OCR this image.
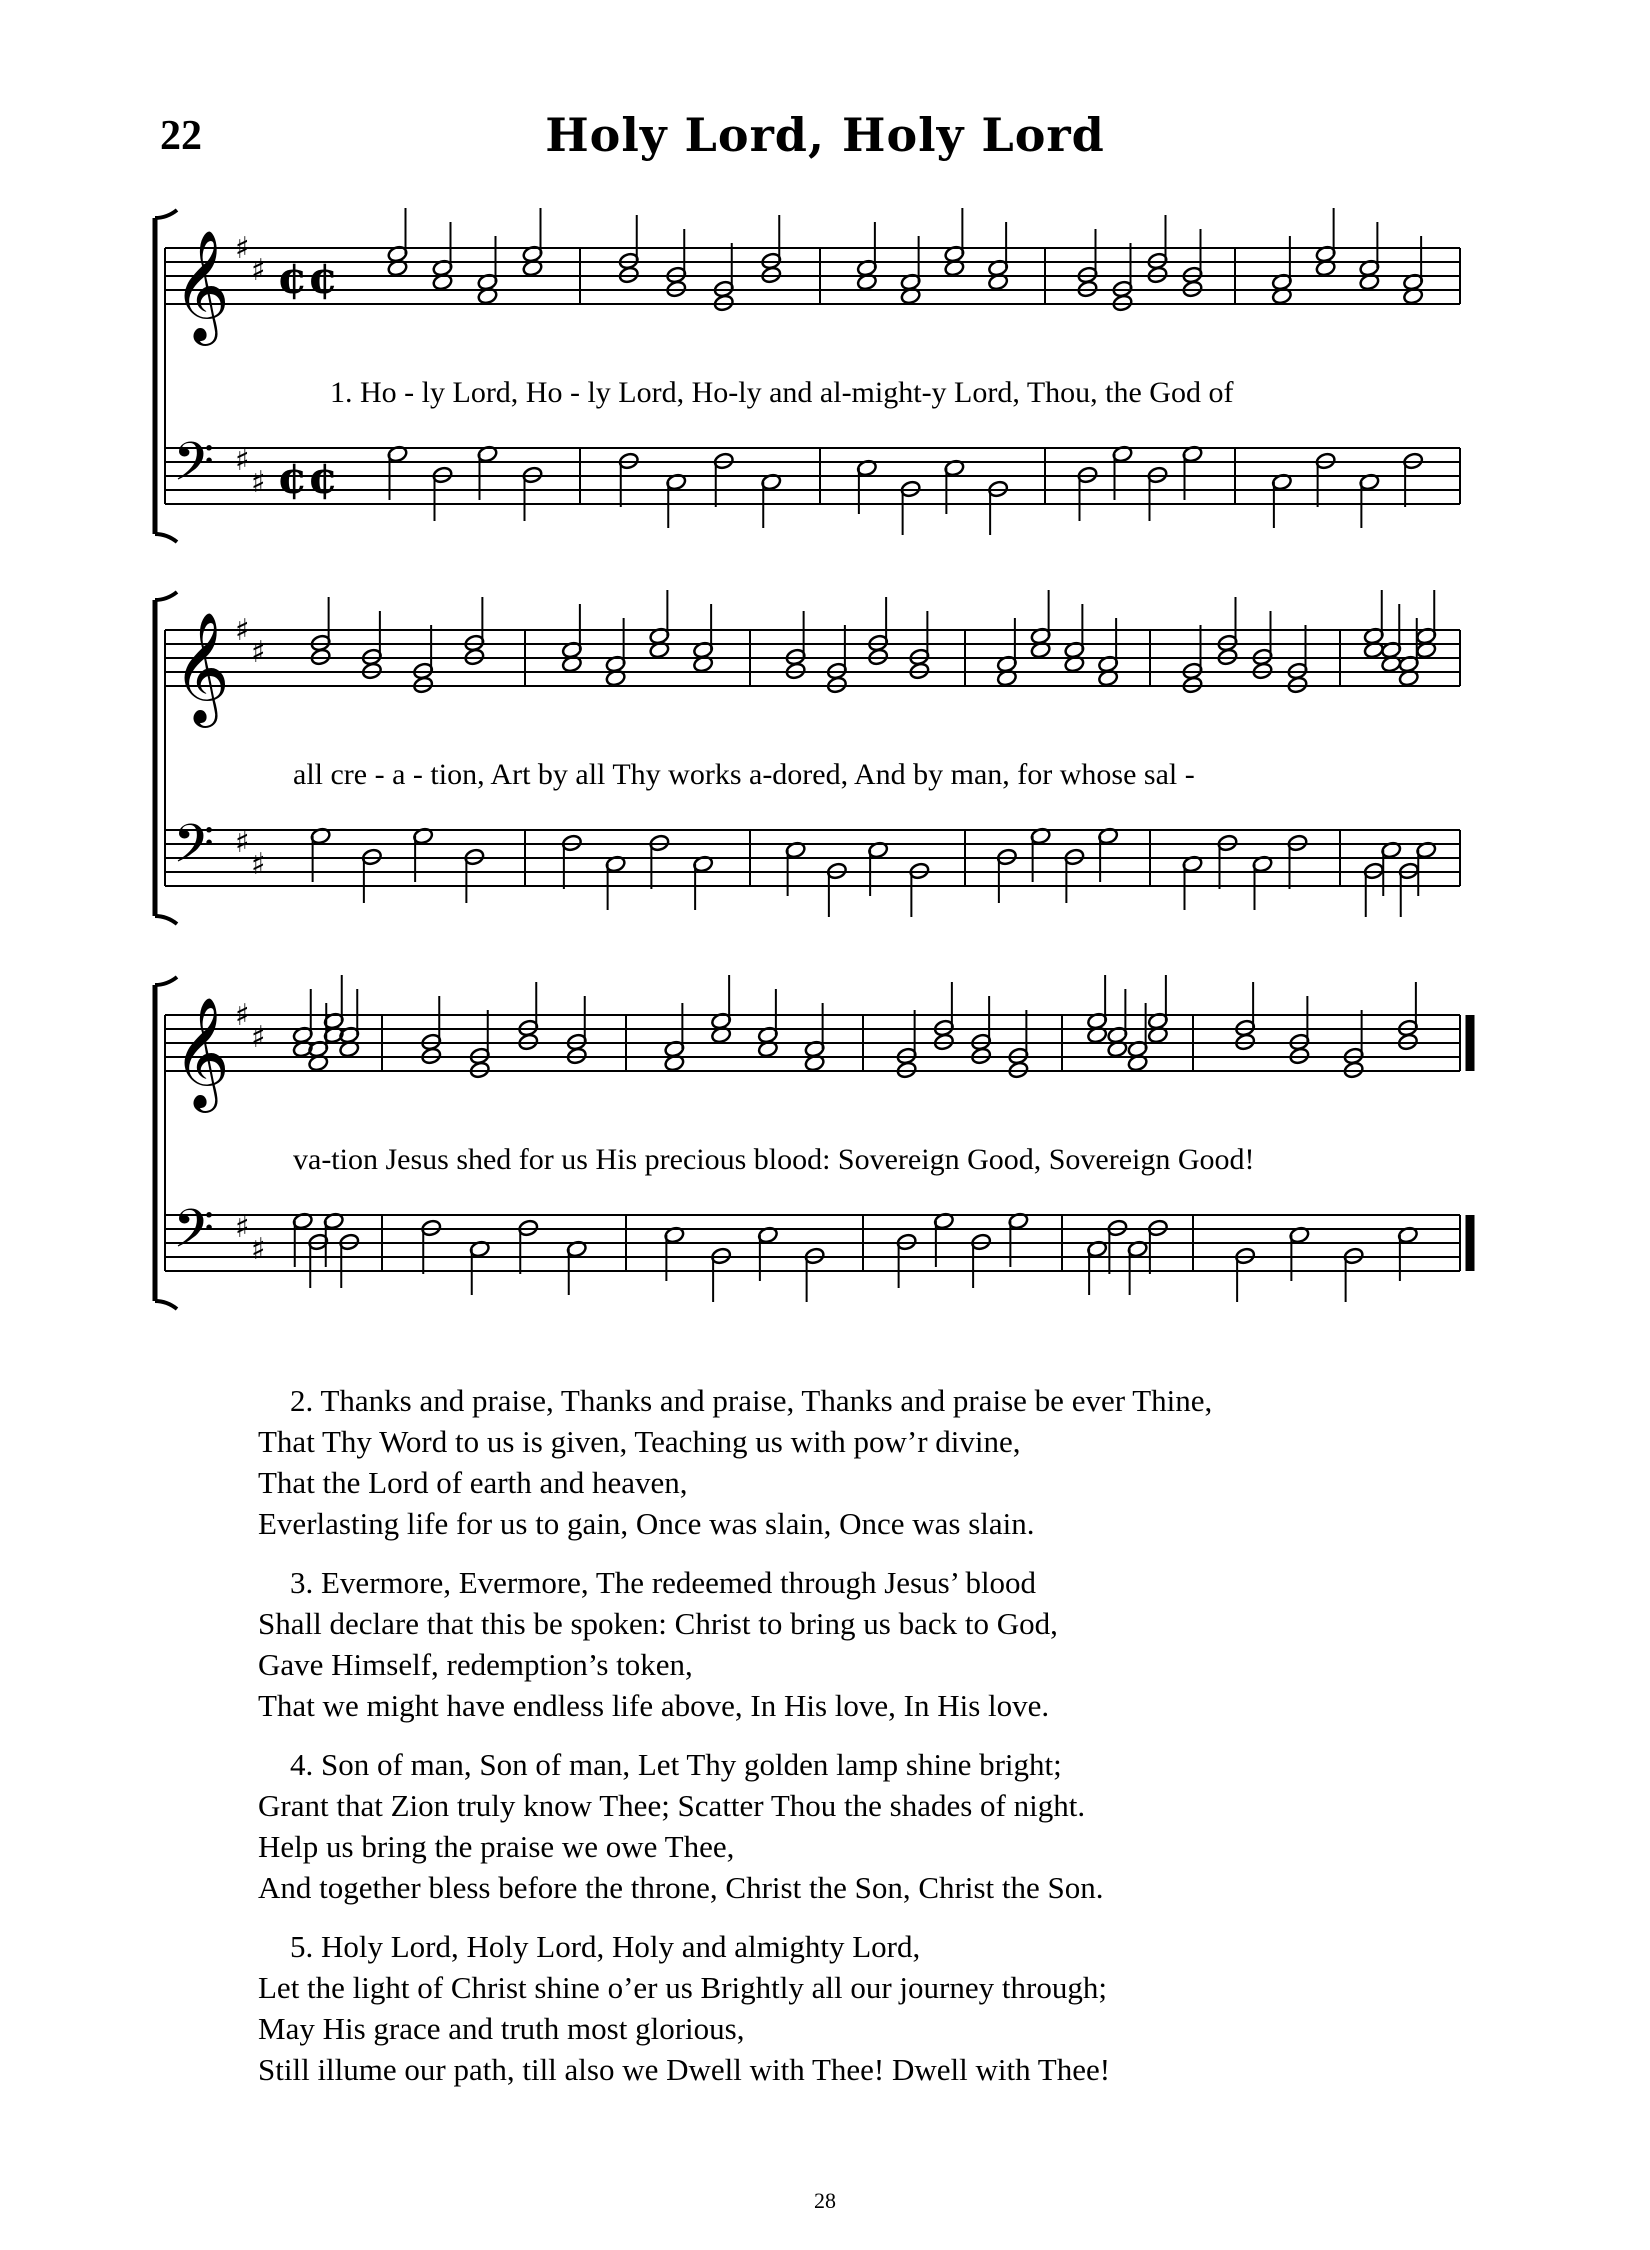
22	Holy Lord, Holy Lord
𝄞 ♯
♯ ¢¢
𝄢 ♯
♯ ¢¢
𝄞 ♯
♯
𝄢 ♯
♯
𝄞 ♯
♯
𝄢 ♯
♯
1. Ho - ly Lord, Ho - ly Lord, Ho-ly and al-might-y Lord, Thou, the God of
all cre - a - tion, Art by all Thy works a-dored, And by man, for whose sal -
va-tion Jesus shed for us His precious blood: Sovereign Good, Sovereign Good!
2. Thanks and praise, Thanks and praise, Thanks and praise be ever Thine,
That Thy Word to us is given, Teaching us with pow’r divine,
That the Lord of earth and heaven,
Everlasting life for us to gain, Once was slain, Once was slain.
3. Evermore, Evermore, The redeemed through Jesus’ blood
Shall declare that this be spoken: Christ to bring us back to God,
Gave Himself, redemption’s token,
That we might have endless life above, In His love, In His love.
4. Son of man, Son of man, Let Thy golden lamp shine bright;
Grant that Zion truly know Thee; Scatter Thou the shades of night.
Help us bring the praise we owe Thee,
And together bless before the throne, Christ the Son, Christ the Son.
5. Holy Lord, Holy Lord, Holy and almighty Lord,
Let the light of Christ shine o’er us Brightly all our journey through;
May His grace and truth most glorious,
Still illume our path, till also we Dwell with Thee! Dwell with Thee!
28
